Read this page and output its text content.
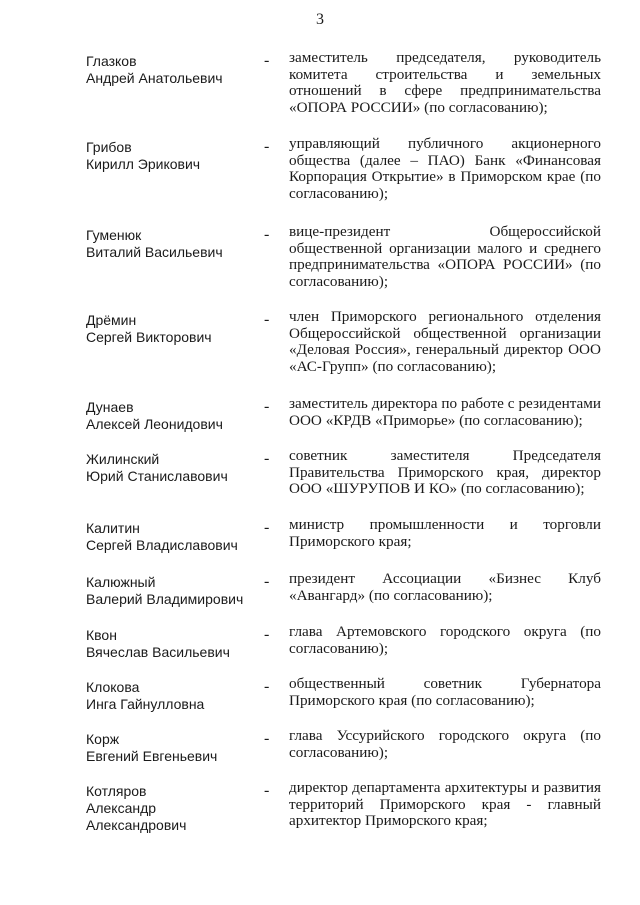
3
Глазков
Андрей Анатольевич
- заместитель председателя, руководитель комитета строительства и земельных отношений в сфере предпринимательства «ОПОРА РОССИИ» (по согласованию);
Грибов
Кирилл Эрикович
- управляющий публичного акционерного общества (далее – ПАО) Банк «Финансовая Корпорация Открытие» в Приморском крае (по согласованию);
Гуменюк
Виталий Васильевич
- вице-президент Общероссийской общественной организации малого и среднего предпринимательства «ОПОРА РОССИИ» (по согласованию);
Дрёмин
Сергей Викторович
- член Приморского регионального отделения Общероссийской общественной организации «Деловая Россия», генеральный директор ООО «АС-Групп» (по согласованию);
Дунаев
Алексей Леонидович
- заместитель директора по работе с резидентами ООО «КРДВ «Приморье» (по согласованию);
Жилинский
Юрий Станиславович
- советник заместителя Председателя Правительства Приморского края, директор ООО «ШУРУПОВ И КО» (по согласованию);
Калитин
Сергей Владиславович
- министр промышленности и торговли Приморского края;
Калюжный
Валерий Владимирович
- президент Ассоциации «Бизнес Клуб «Авангард» (по согласованию);
Квон
Вячеслав Васильевич
- глава Артемовского городского округа (по согласованию);
Клокова
Инга Гайнулловна
- общественный советник Губернатора Приморского края (по согласованию);
Корж
Евгений Евгеньевич
- глава Уссурийского городского округа (по согласованию);
Котляров
Александр
Александрович
- директор департамента архитектуры и развития территорий Приморского края - главный архитектор Приморского края;
